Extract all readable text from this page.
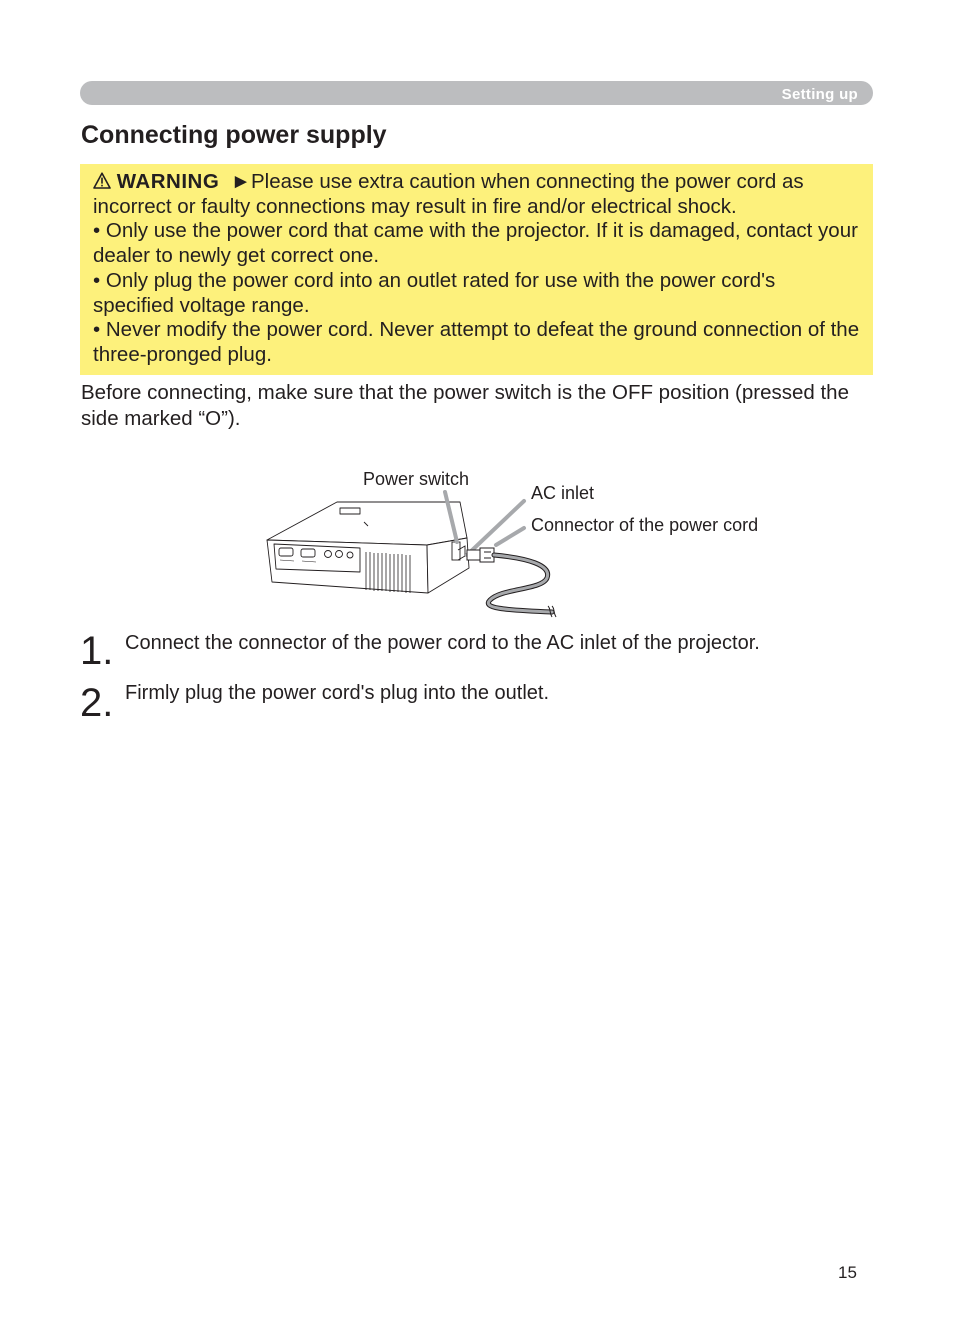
Setting up
Connecting power supply

WARNING ►Please use extra caution when connecting the power cord as incorrect or faulty connections may result in fire and/or electrical shock.

• Only use the power cord that came with the projector. If it is damaged, contact your dealer to newly get correct one.

• Only plug the power cord into an outlet rated for use with the power cord's specified voltage range.

• Never modify the power cord. Never attempt to defeat the ground connection of the three-pronged plug.

Before connecting, make sure that the power switch is the OFF position (pressed the side marked “O”).

Power switch
AC inlet
Connector of the power cord
1. Connect the connector of the power cord to the AC inlet of the projector.
2. Firmly plug the power cord's plug into the outlet.
15
